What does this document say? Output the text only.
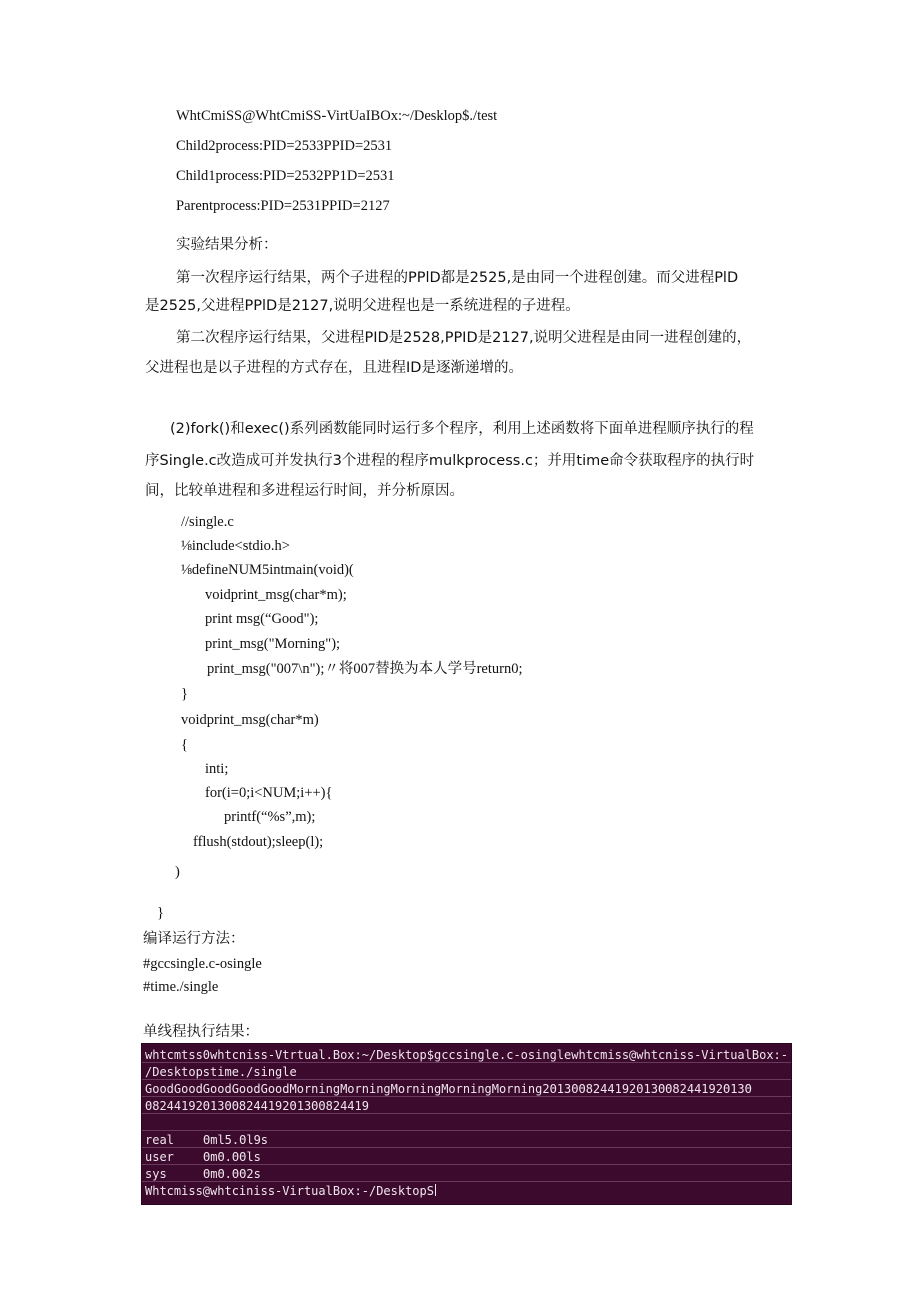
WhtCmiSS@WhtCmiSS-VirtUaIBOx:~/Desklop$./test
Child2process:PID=2533PPID=2531
Child1process:PID=2532PP1D=2531
Parentprocess:PID=2531PPID=2127
实验结果分析：
第一次程序运行结果，两个子进程的PPlD都是2525,是由同一个进程创建。而父进程PlD
是2525,父进程PPlD是2127,说明父进程也是一系统进程的子进程。
第二次程序运行结果，父进程PID是2528,PPID是2127,说明父进程是由同一进程创建的，
父进程也是以子进程的方式存在，且进程ID是逐渐递增的。
(2)fork()和exec()系列函数能同时运行多个程序，利用上述函数将下面单进程顺序执行的程
序Single.c改造成可并发执行3个进程的程序mulkprocess.c；并用time命令获取程序的执行时
间，比较单进程和多进程运行时间，并分析原因。
//single.c
⅛include<stdio.h>
⅛defineNUM5intmain(void)(
voidprint_msg(char*m);
print msg(“Good");
print_msg("Morning");
print_msg("007\n");〃将007替换为本人学号return0;
}
voidprint_msg(char*m)
{
inti;
for(i=0;i<NUM;i++){
printf(“%s”,m);
fflush(stdout);sleep(l);
)
}
编译运行方法：
#gccsingle.c-osingle
#time./single
单线程执行结果：
whtcmtss0whtcniss-Vtrtual.Box:~/Desktop$gccsingle.c-osinglewhtcmiss@whtcniss-VirtualBox:-
/Desktopstime./single
GoodGoodGoodGoodGoodMorningMorningMorningMorningMorning2Θ13ΘΘ8244192Θ13ΘΘ8244192Θ13Θ
Θ8244192Θ13ΘΘ8244192Θ13ΘΘ824419
real Θml5.Θl9s
user ΘmΘ.ΘΘls
sys	ΘmΘ.ΘΘ2s
Whtcmiss@whtciniss-VirtualBox:-/DesktopS
